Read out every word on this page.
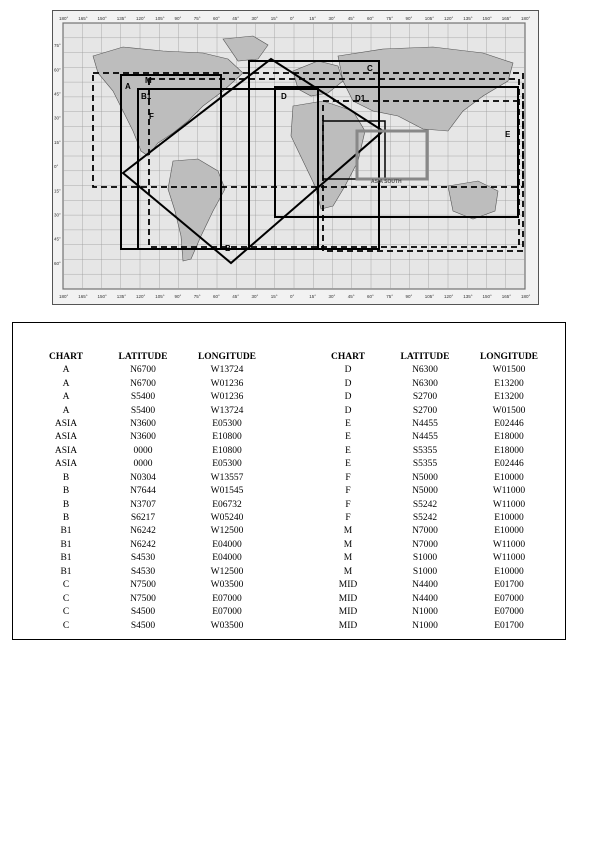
A
M
B1
F
C
D	D1
E
B
ASIA SOUTH
180°
180°
165°
165°
150°
150°
135°
135°
120°
120°
105°
105°
90°
90°
75°
75°
60°
60°
45°
45°
30°
30°
15°
15°
0°
0°
15°
15°
30°
30°
45°
45°
60°
60°
75°
75°
90°
90°
105°
105°
120°
120°
135°
135°
150°
150°
165°
165°
180°
180°
75°
60°
45°
30°
15°
0°
15°
30°
45°
60°
CHART	LATITUDE	LONGITUDE
A	N6700	W13724
A	N6700	W01236
A	S5400	W01236
A	S5400	W13724
ASIA	N3600	E05300
ASIA	N3600	E10800
ASIA	0000	E10800
ASIA	0000	E05300
B	N0304	W13557
B	N7644	W01545
B	N3707	E06732
B	S6217	W05240
B1	N6242	W12500
B1	N6242	E04000
B1	S4530	E04000
B1	S4530	W12500
C	N7500	W03500
C	N7500	E07000
C	S4500	E07000
C	S4500	W03500
CHART	LATITUDE	LONGITUDE
D	N6300	W01500
D	N6300	E13200
D	S2700	E13200
D	S2700	W01500
E	N4455	E02446
E	N4455	E18000
E	S5355	E18000
E	S5355	E02446
F	N5000	E10000
F	N5000	W11000
F	S5242	W11000
F	S5242	E10000
M	N7000	E10000
M	N7000	W11000
M	S1000	W11000
M	S1000	E10000
MID	N4400	E01700
MID	N4400	E07000
MID	N1000	E07000
MID	N1000	E01700
